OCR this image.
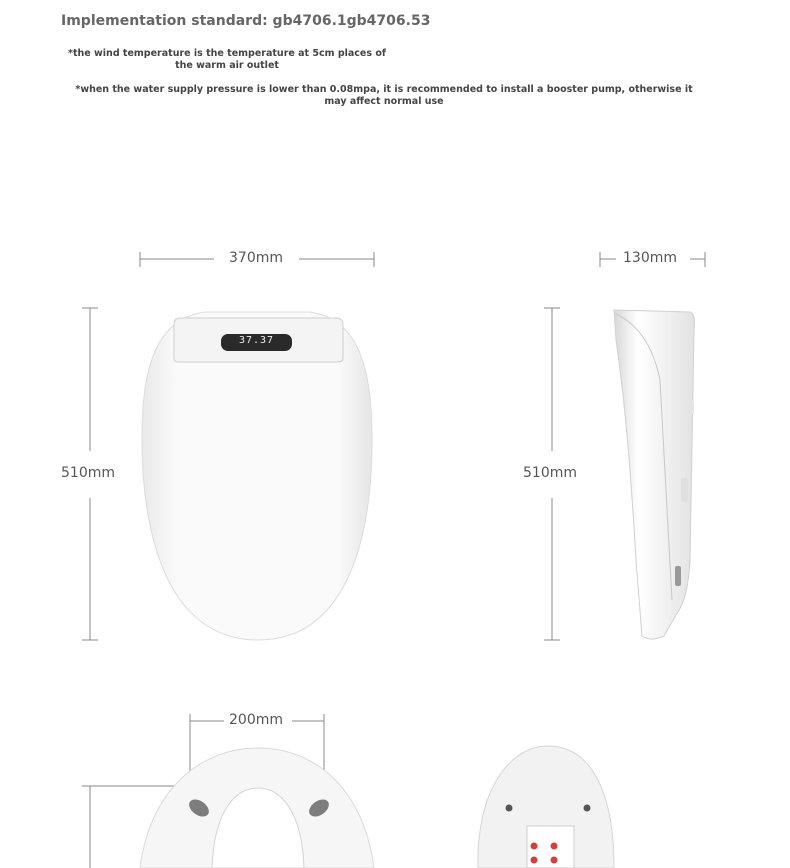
Implementation standard: gb4706.1gb4706.53

*the wind temperature is the temperature at 5cm places of the warm air outlet

*when the water supply pressure is lower than 0.08mpa, it is recommended to install a booster pump, otherwise it may affect normal use

370mm
510mm
130mm
510mm
200mm
37.37
